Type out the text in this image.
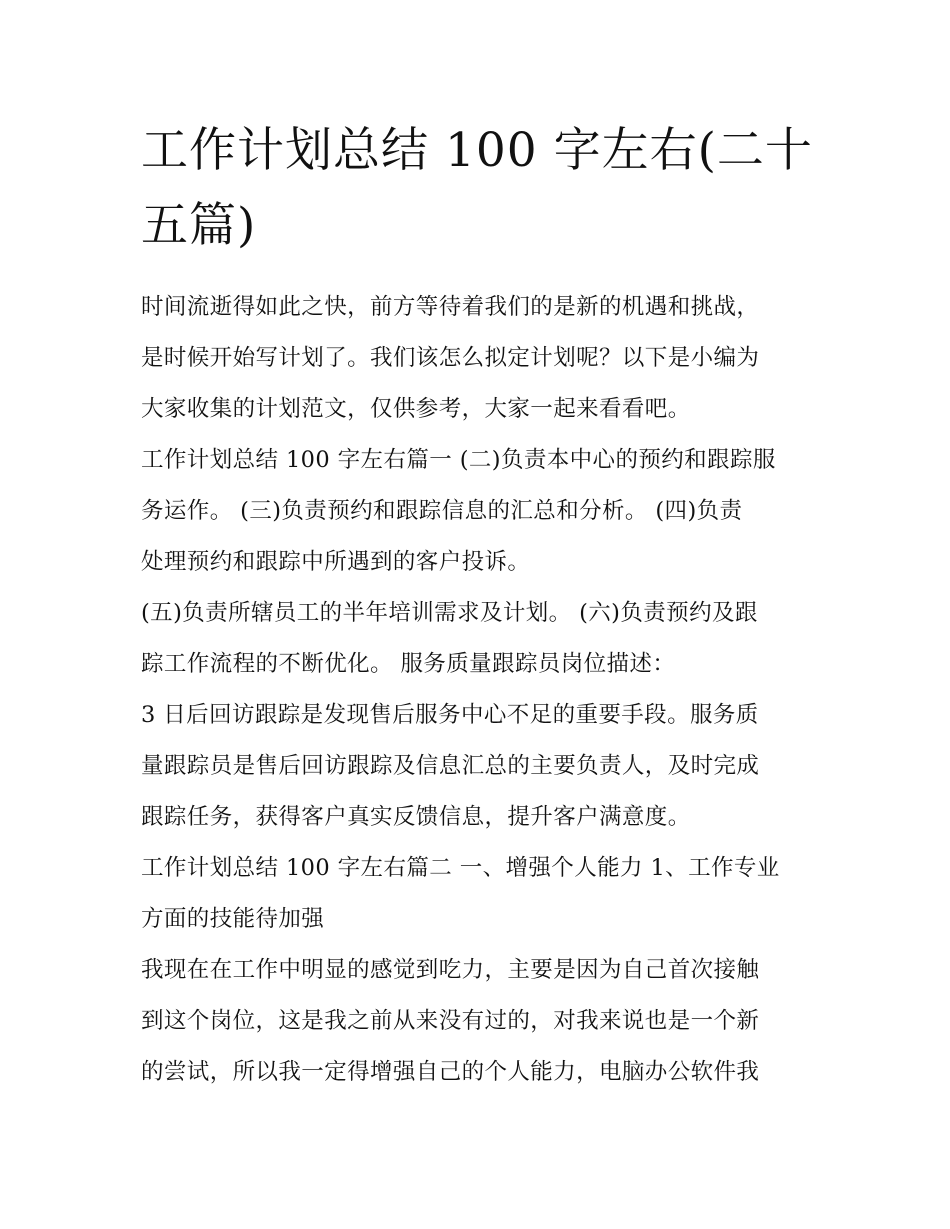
工作计划总结 100 字左右(二十
五篇)

时间流逝得如此之快，前方等待着我们的是新的机遇和挑战，
是时候开始写计划了。我们该怎么拟定计划呢？以下是小编为
大家收集的计划范文，仅供参考，大家一起来看看吧。

工作计划总结 100 字左右篇一 (二)负责本中心的预约和跟踪服
务运作。 (三)负责预约和跟踪信息的汇总和分析。 (四)负责
处理预约和跟踪中所遇到的客户投诉。

(五)负责所辖员工的半年培训需求及计划。 (六)负责预约及跟
踪工作流程的不断优化。 服务质量跟踪员岗位描述：

3 日后回访跟踪是发现售后服务中心不足的重要手段。服务质
量跟踪员是售后回访跟踪及信息汇总的主要负责人，及时完成
跟踪任务，获得客户真实反馈信息，提升客户满意度。

工作计划总结 100 字左右篇二 一、增强个人能力 1、工作专业
方面的技能待加强

我现在在工作中明显的感觉到吃力，主要是因为自己首次接触
到这个岗位，这是我之前从来没有过的，对我来说也是一个新
的尝试，所以我一定得增强自己的个人能力，电脑办公软件我
